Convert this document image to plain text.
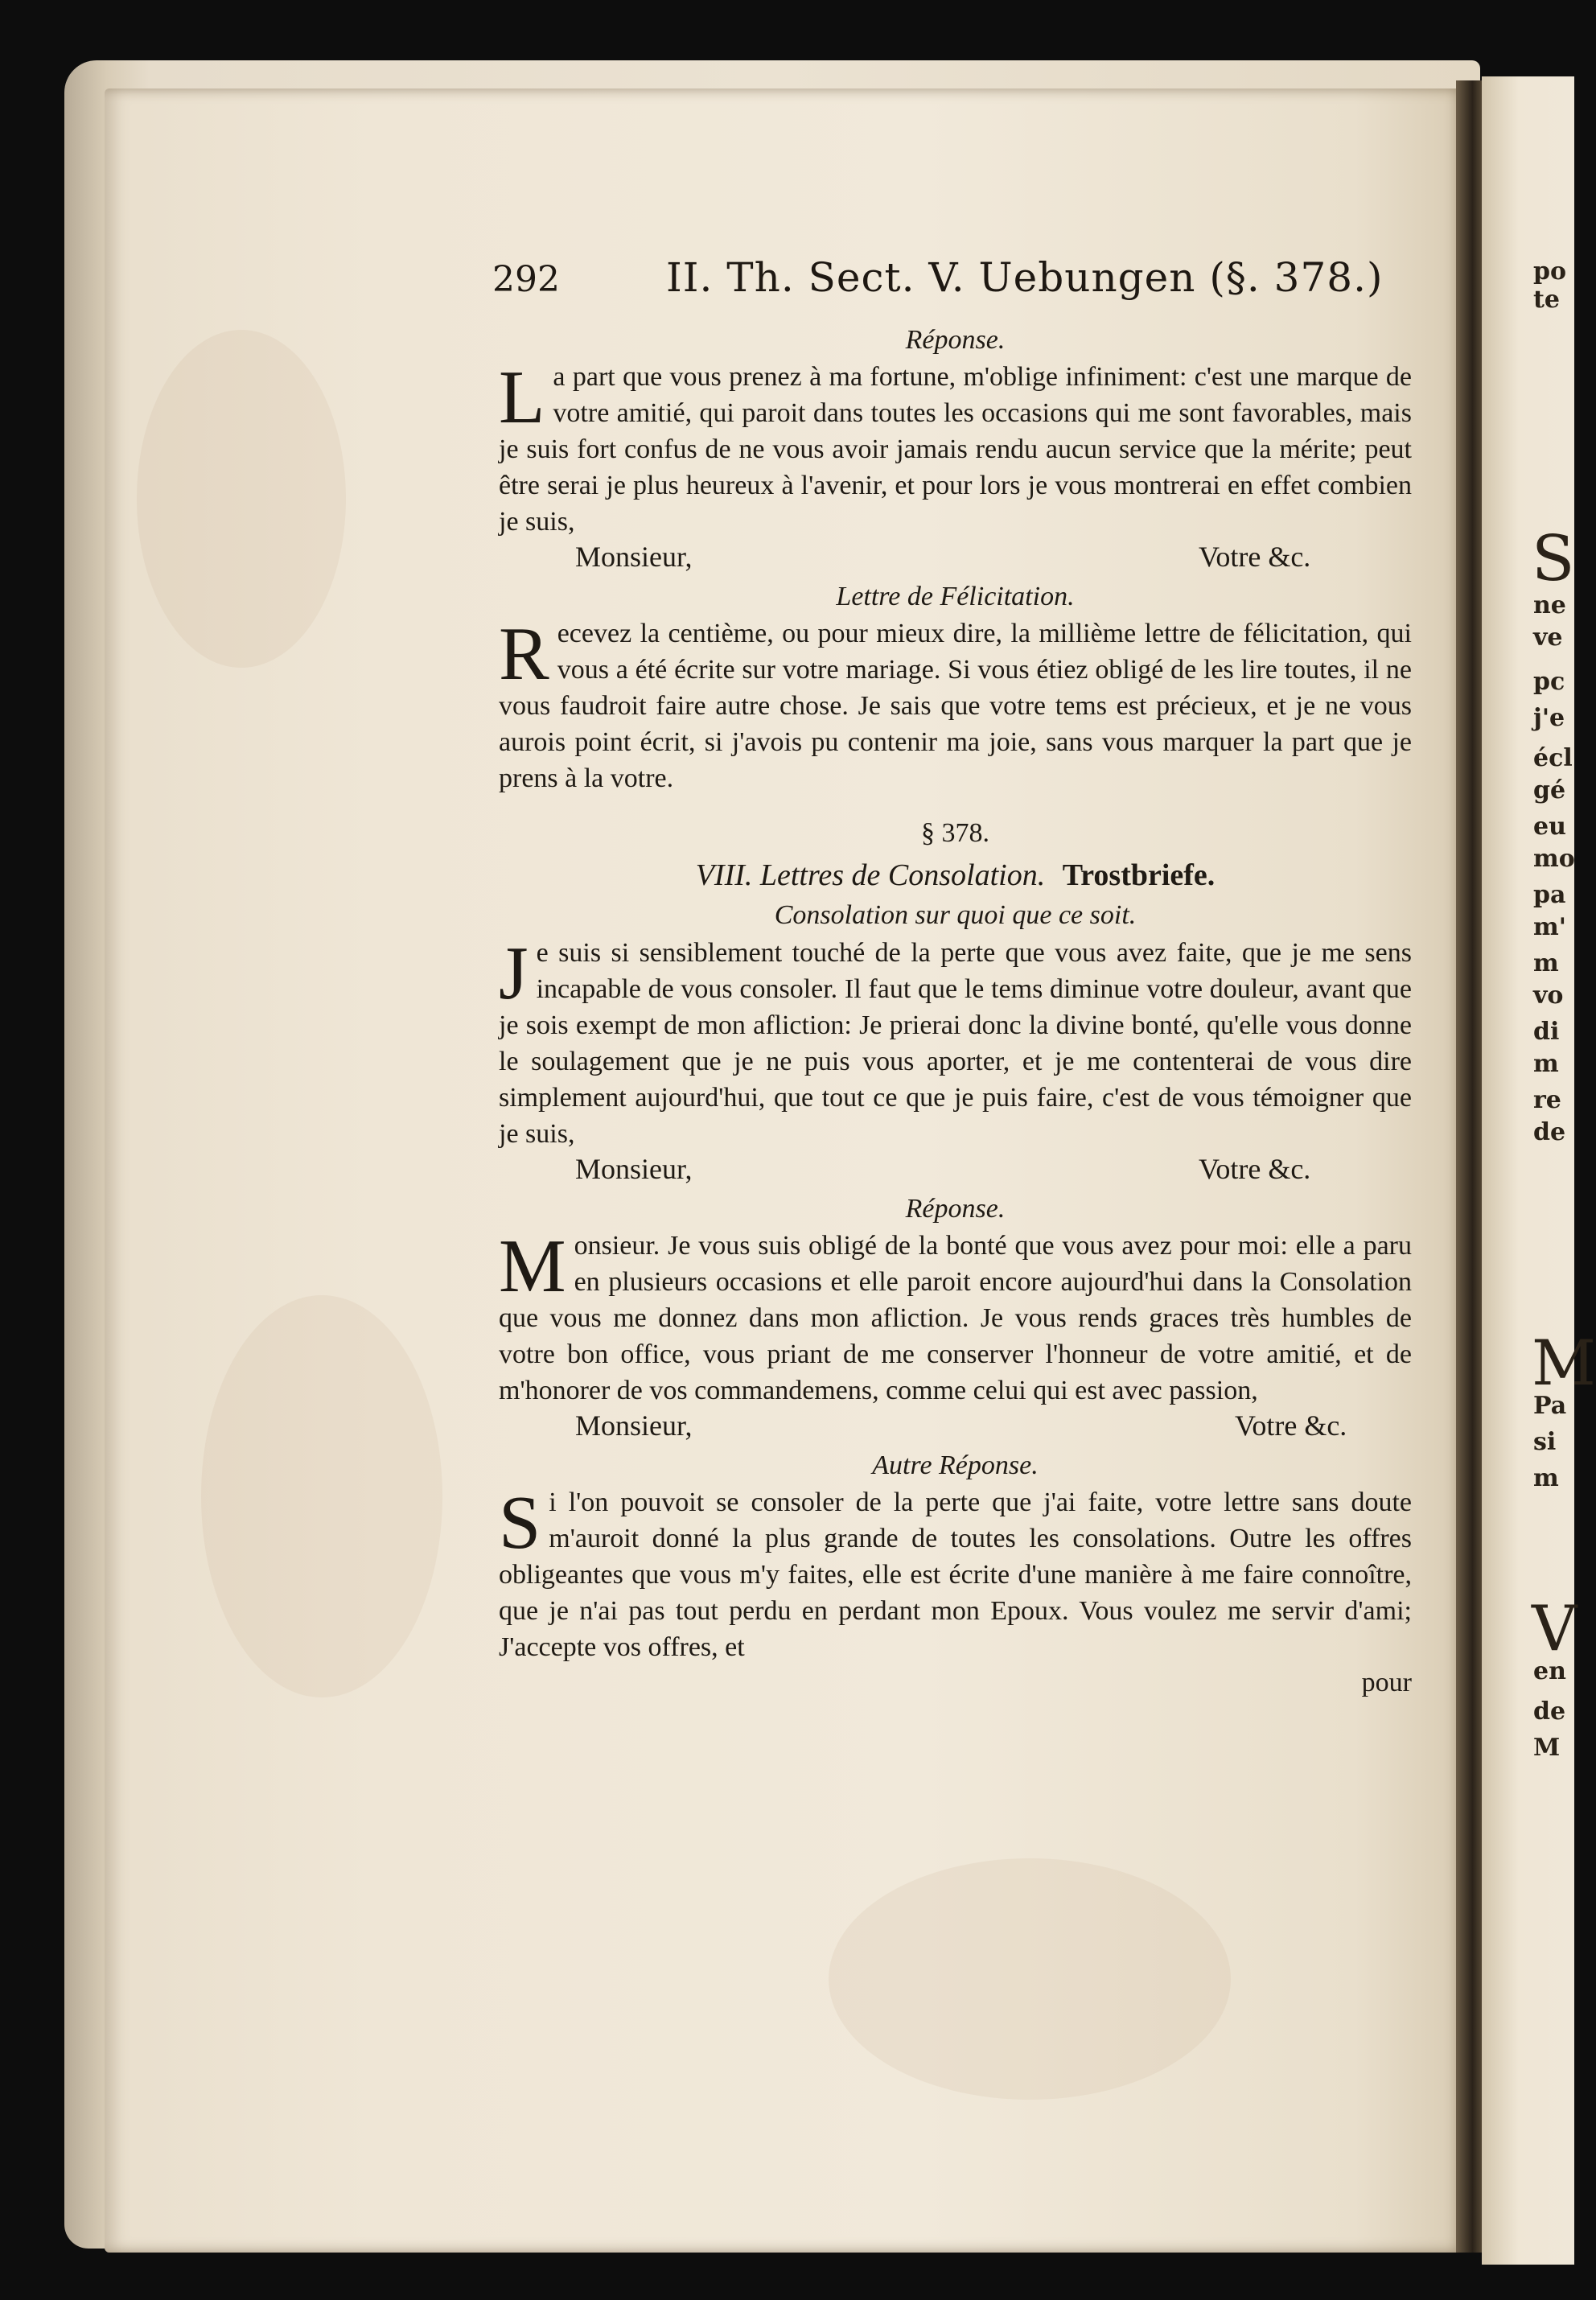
po
te
S
ne
ve
pc
j'e
écl
gé
eu
mo
pa
m'
m
vo
di
m
re
de
M
Pa
si
m
V
en
de
M
292	II. Th. Sect. V. Uebungen (§. 378.)

Réponse.

La part que vous prenez à ma fortune, m'oblige infiniment: c'est une marque de votre amitié, qui paroit dans toutes les occasions qui me sont favorables, mais je suis fort confus de ne vous avoir jamais rendu aucun service que la mérite; peut être serai je plus heureux à l'avenir, et pour lors je vous montrerai en effet combien je suis,

Monsieur,	Votre &c.

Lettre de Félicitation.

Recevez la centième, ou pour mieux dire, la millième lettre de félicitation, qui vous a été écrite sur votre mariage. Si vous étiez obligé de les lire toutes, il ne vous faudroit faire autre chose. Je sais que votre tems est précieux, et je ne vous aurois point écrit, si j'avois pu contenir ma joie, sans vous marquer la part que je prens à la votre.

§ 378.
VIII. Lettres de Consolation. Trostbriefe.
Consolation sur quoi que ce soit.

Je suis si sensiblement touché de la perte que vous avez faite, que je me sens incapable de vous consoler. Il faut que le tems diminue votre douleur, avant que je sois exempt de mon afliction: Je prierai donc la divine bonté, qu'elle vous donne le soulagement que je ne puis vous aporter, et je me contenterai de vous dire simplement aujourd'hui, que tout ce que je puis faire, c'est de vous témoigner que je suis,

Monsieur,	Votre &c.

Réponse.

Monsieur. Je vous suis obligé de la bonté que vous avez pour moi: elle a paru en plusieurs occasions et elle paroit encore aujourd'hui dans la Consolation que vous me donnez dans mon afliction. Je vous rends graces très humbles de votre bon office, vous priant de me conserver l'honneur de votre amitié, et de m'honorer de vos commandemens, comme celui qui est avec passion,

Monsieur,	Votre &c.

Autre Réponse.

Si l'on pouvoit se consoler de la perte que j'ai faite, votre lettre sans doute m'auroit donné la plus grande de toutes les consolations. Outre les offres obligeantes que vous m'y faites, elle est écrite d'une manière à me faire connoître, que je n'ai pas tout perdu en perdant mon Epoux. Vous voulez me servir d'ami; J'accepte vos offres, et

pour
